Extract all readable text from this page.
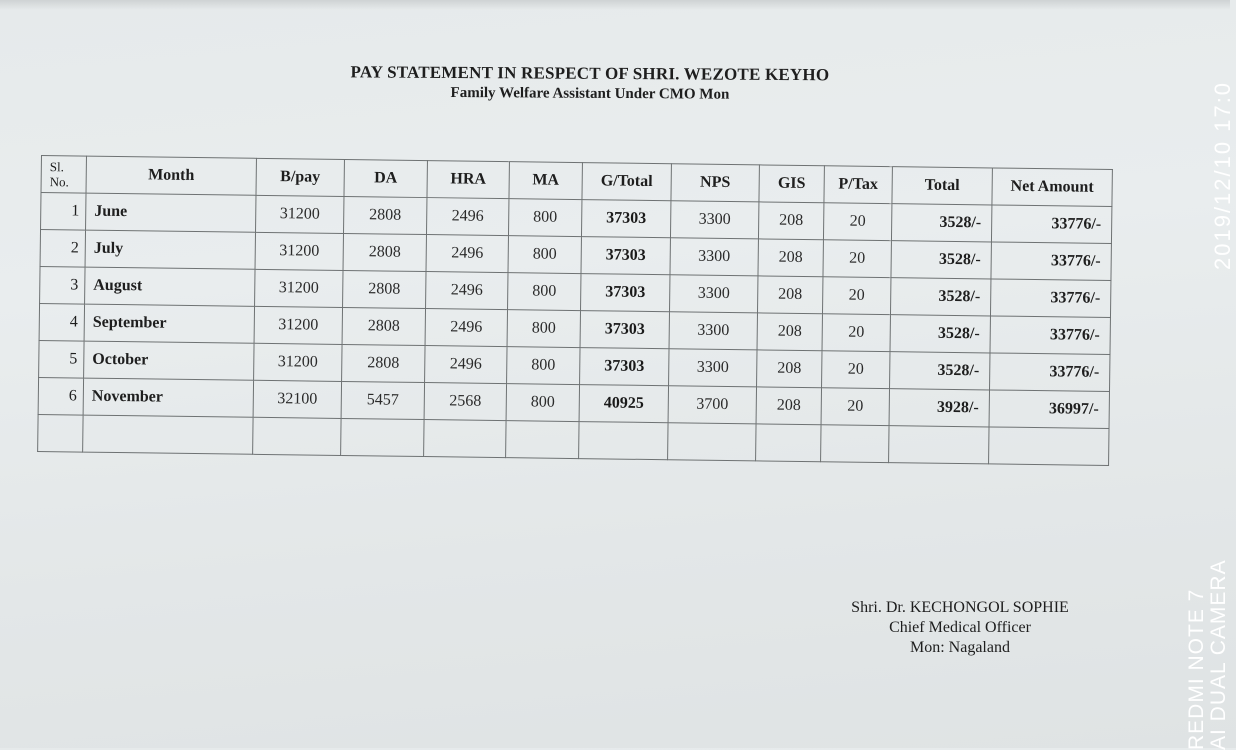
PAY STATEMENT IN RESPECT OF SHRI. WEZOTE KEYHO
Family Welfare Assistant Under CMO Mon
Sl.
No.	Month	B/pay	DA	HRA	MA	G/Total	NPS	GIS	P/Tax	Total	Net Amount
1	June	31200	2808	2496	800	37303	3300	208	20	3528/-	33776/-
2	July	31200	2808	2496	800	37303	3300	208	20	3528/-	33776/-
3	August	31200	2808	2496	800	37303	3300	208	20	3528/-	33776/-
4	September	31200	2808	2496	800	37303	3300	208	20	3528/-	33776/-
5	October	31200	2808	2496	800	37303	3300	208	20	3528/-	33776/-
6	November	32100	5457	2568	800	40925	3700	208	20	3928/-	36997/-

Shri. Dr. KECHONGOL SOPHIE
Chief Medical Officer
Mon: Nagaland
2019/12/10 17:0
REDMI NOTE 7 AI DUAL CAMERA
